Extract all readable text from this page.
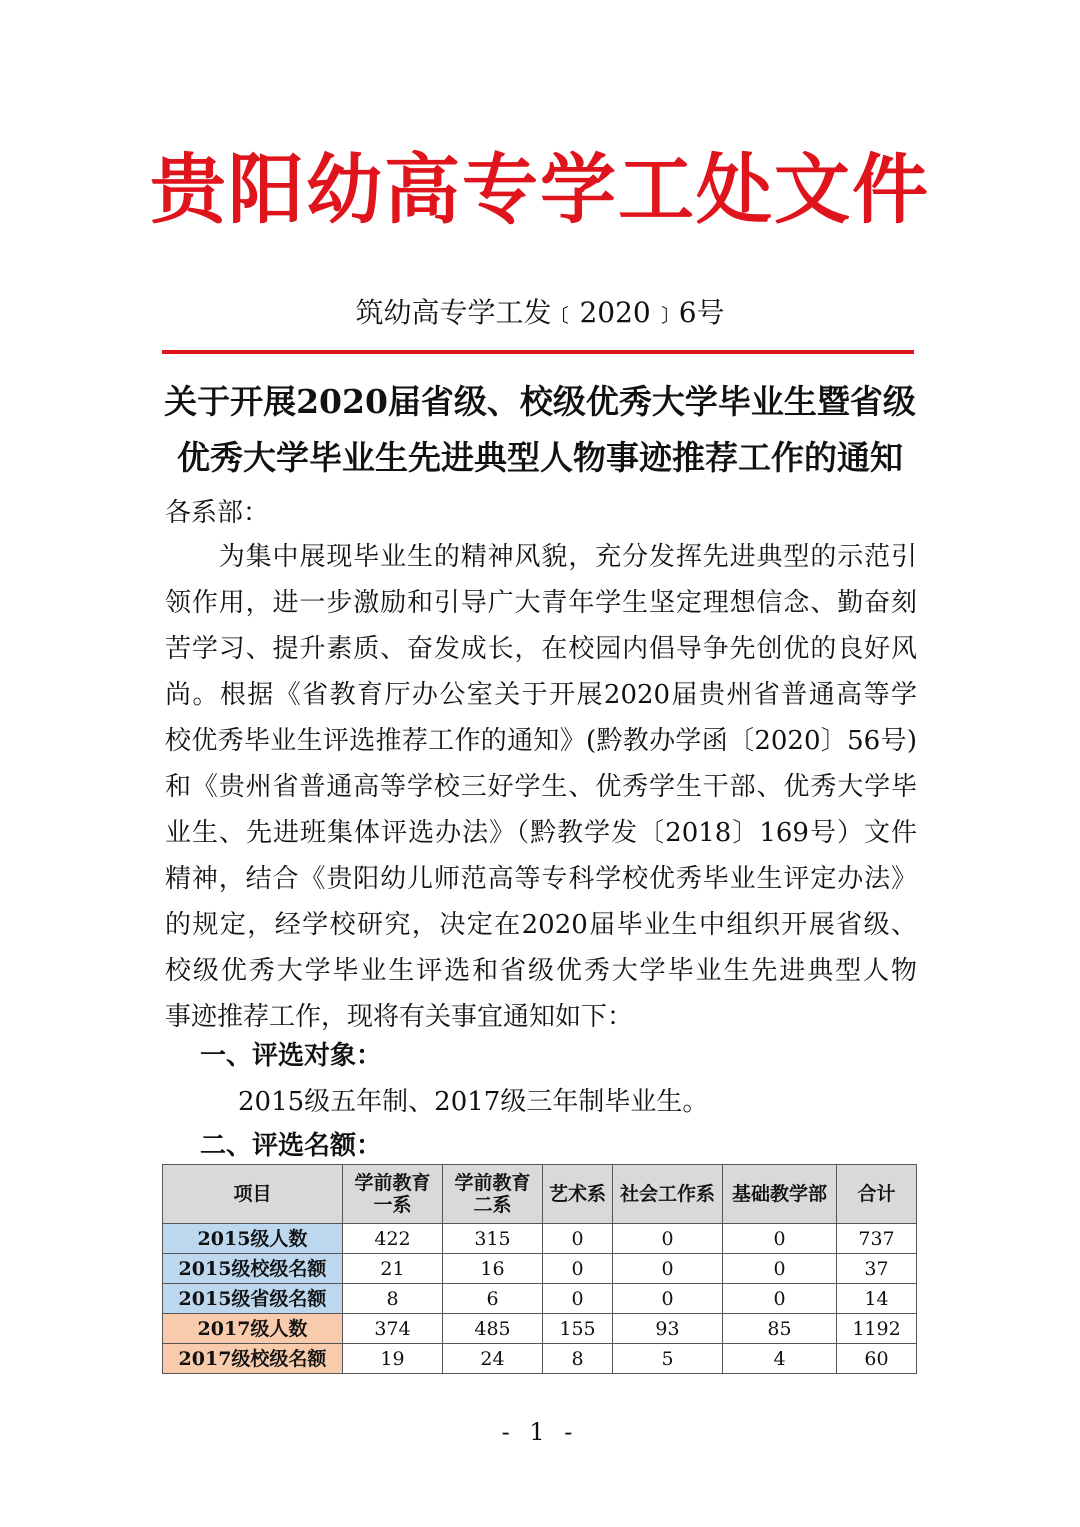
贵阳幼高专学工处文件
筑幼高专学工发﹝2020﹞6号
关于开展2020届省级、校级优秀大学毕业生暨省级
优秀大学毕业生先进典型人物事迹推荐工作的通知
各系部：
　　为集中展现毕业生的精神风貌，充分发挥先进典型的示范引
领作用，进一步激励和引导广大青年学生坚定理想信念、勤奋刻
苦学习、提升素质、奋发成长，在校园内倡导争先创优的良好风
尚。根据《省教育厅办公室关于开展2020届贵州省普通高等学
校优秀毕业生评选推荐工作的通知》(黔教办学函〔2020〕56号)
和《贵州省普通高等学校三好学生、优秀学生干部、优秀大学毕
业生、先进班集体评选办法》（黔教学发〔2018〕169号）文件
精神，结合《贵阳幼儿师范高等专科学校优秀毕业生评定办法》
的规定，经学校研究，决定在2020届毕业生中组织开展省级、
校级优秀大学毕业生评选和省级优秀大学毕业生先进典型人物
事迹推荐工作，现将有关事宜通知如下：
一、评选对象：
2015级五年制、2017级三年制毕业生。
二、评选名额：
项目	学前教育一系	学前教育二系	艺术系	社会工作系	基础教学部	合计
2015级人数	422	315	0	0	0	737
2015级校级名额	21	16	0	0	0	37
2015级省级名额	8	6	0	0	0	14
2017级人数	374	485	155	93	85	1192
2017级校级名额	19	24	8	5	4	60
- 1 -
